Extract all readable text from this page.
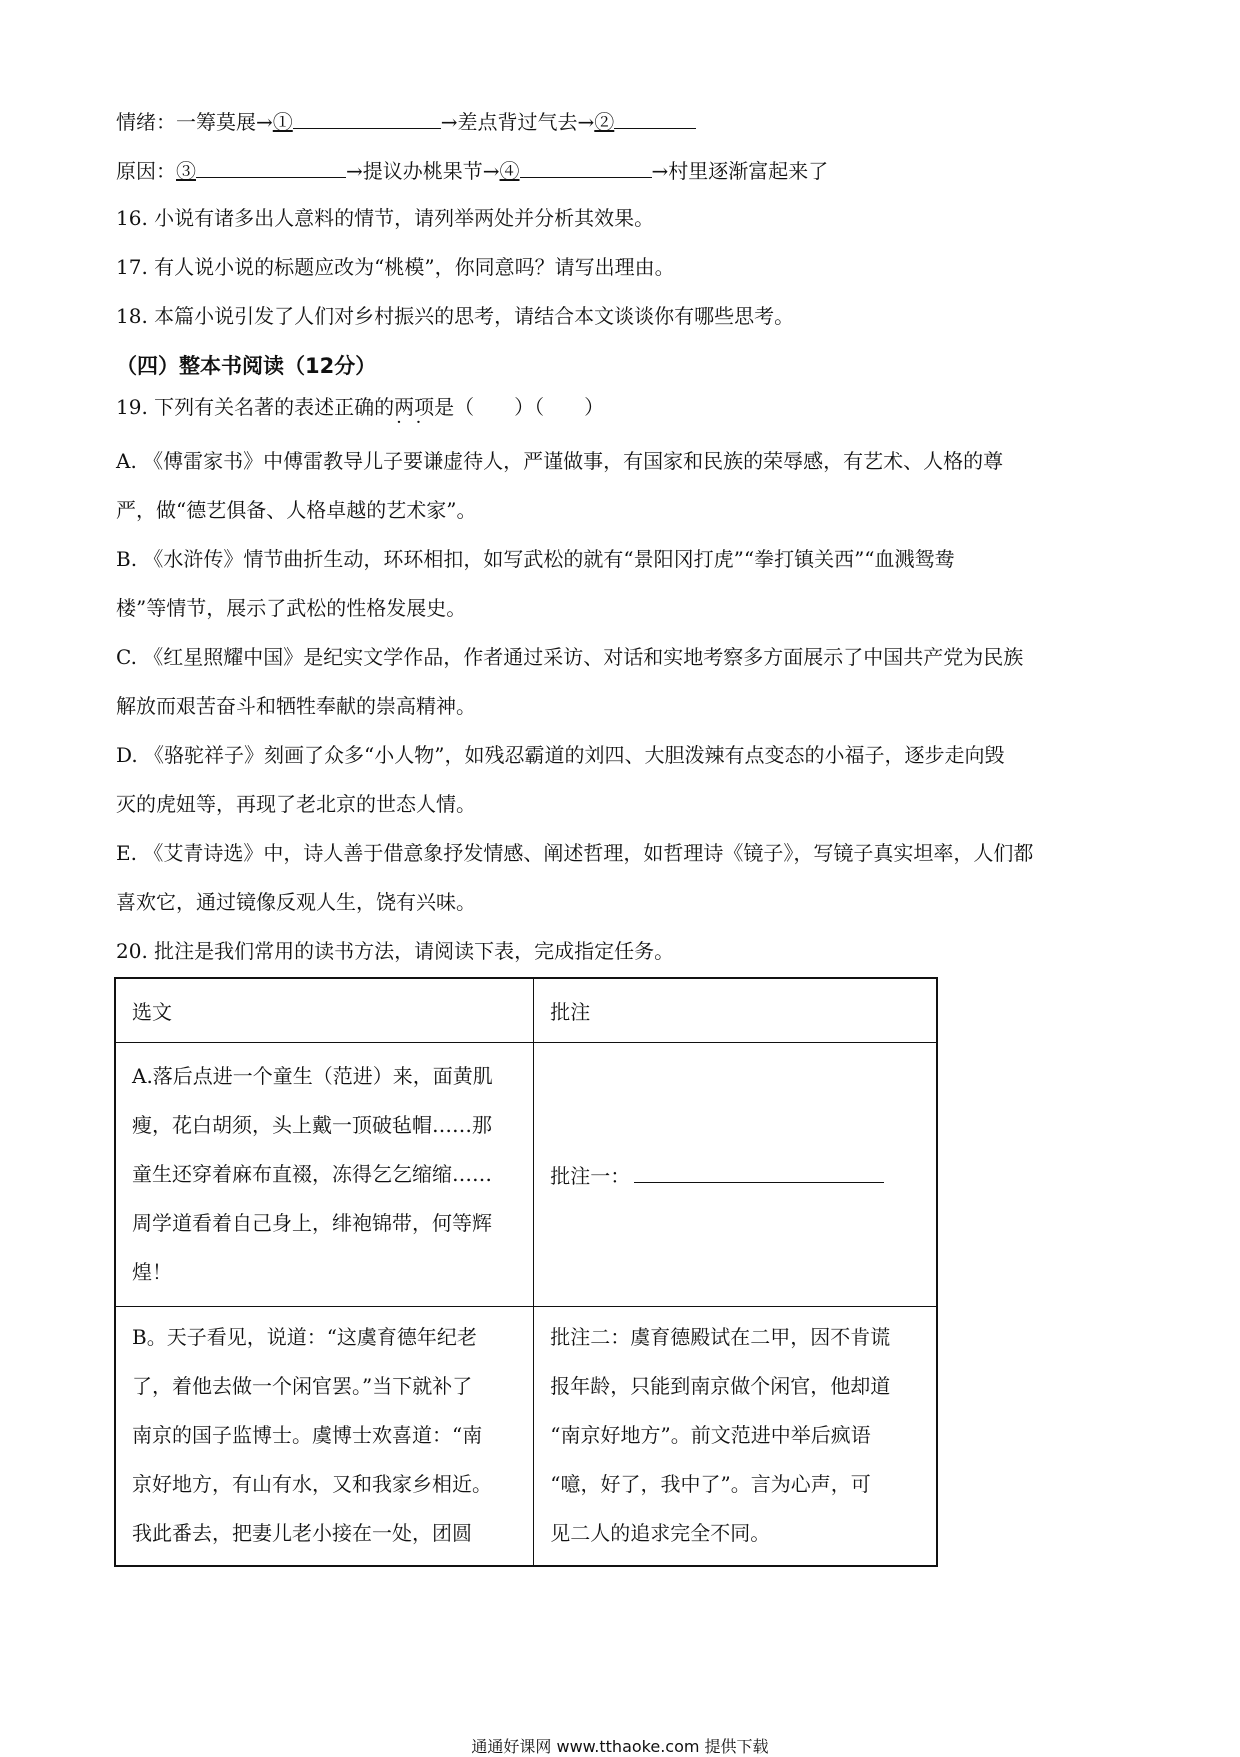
情绪：一筹莫展→①	→差点背过气去→②
原因：③	→提议办桃果节→④	→村里逐渐富起来了
16. 小说有诸多出人意料的情节，请列举两处并分析其效果。
17. 有人说小说的标题应改为“桃模”，你同意吗？请写出理由。
18. 本篇小说引发了人们对乡村振兴的思考，请结合本文谈谈你有哪些思考。
（四）整本书阅读（12分）
19. 下列有关名著的表述正确的两项 · ·是（　　）（　　）
A. 《傅雷家书》中傅雷教导儿子要谦虚待人，严谨做事，有国家和民族的荣辱感，有艺术、人格的尊
严，做“德艺俱备、人格卓越的艺术家”。
B. 《水浒传》情节曲折生动，环环相扣，如写武松的就有“景阳冈打虎”“拳打镇关西”“血溅鸳鸯
楼”等情节，展示了武松的性格发展史。
C. 《红星照耀中国》是纪实文学作品，作者通过采访、对话和实地考察多方面展示了中国共产党为民族
解放而艰苦奋斗和牺牲奉献的崇高精神。
D. 《骆驼祥子》刻画了众多“小人物”，如残忍霸道的刘四、大胆泼辣有点变态的小福子，逐步走向毁
灭的虎妞等，再现了老北京的世态人情。
E. 《艾青诗选》中，诗人善于借意象抒发情感、阐述哲理，如哲理诗《镜子》，写镜子真实坦率，人们都
喜欢它，通过镜像反观人生，饶有兴味。
20. 批注是我们常用的读书方法，请阅读下表，完成指定任务。
选文	批注

A.落后点进一个童生（范进）来，面黄肌
瘦，花白胡须，头上戴一顶破毡帽……那
童生还穿着麻布直裰，冻得乞乞缩缩……
周学道看着自己身上，绯袍锦带，何等辉
煌！	批注一：

B。天子看见，说道：“这虞育德年纪老
了，着他去做一个闲官罢。”当下就补了
南京的国子监博士。虞博士欢喜道：“南
京好地方，有山有水，又和我家乡相近。
我此番去，把妻儿老小接在一处，团圆	批注二：虞育德殿试在二甲，因不肯谎
报年龄，只能到南京做个闲官，他却道
“南京好地方”。前文范进中举后疯语
“噫，好了，我中了”。言为心声，可
见二人的追求完全不同。
通通好课网 www.tthaoke.com 提供下载
